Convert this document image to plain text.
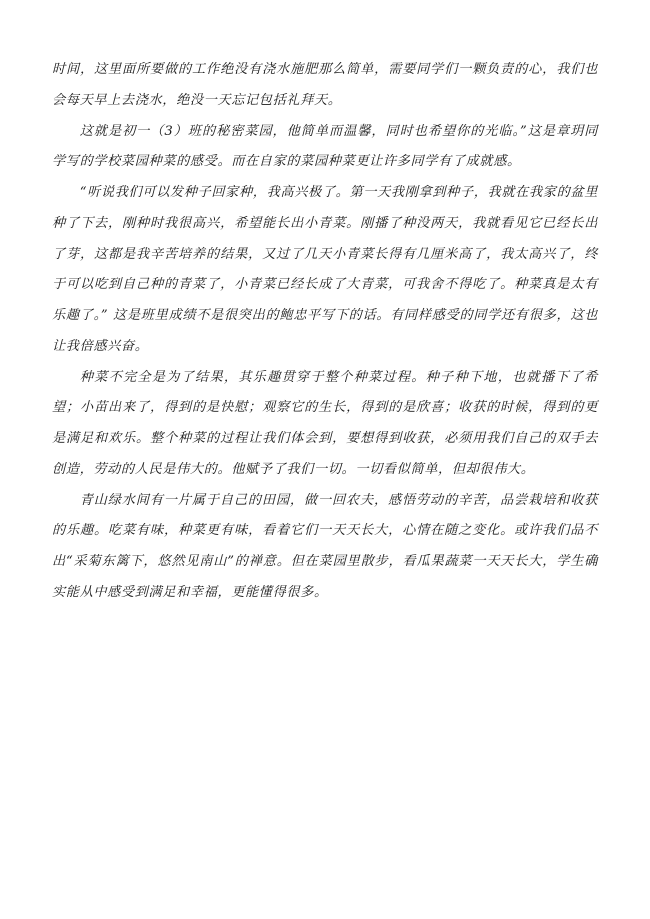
时间，这里面所要做的工作绝没有浇水施肥那么简单，需要同学们一颗负责的心，我们也会每天早上去浇水，绝没一天忘记包括礼拜天。

这就是初一（3）班的秘密菜园，他简单而温馨，同时也希望你的光临。”这是章玥同学写的学校菜园种菜的感受。而在自家的菜园种菜更让许多同学有了成就感。

“听说我们可以发种子回家种，我高兴极了。第一天我刚拿到种子，我就在我家的盆里种了下去，刚种时我很高兴，希望能长出小青菜。刚播了种没两天，我就看见它已经长出了芽，这都是我辛苦培养的结果，又过了几天小青菜长得有几厘米高了，我太高兴了，终于可以吃到自己种的青菜了，小青菜已经长成了大青菜，可我舍不得吃了。种菜真是太有乐趣了。” 这是班里成绩不是很突出的鲍忠平写下的话。有同样感受的同学还有很多，这也让我倍感兴奋。

种菜不完全是为了结果，其乐趣贯穿于整个种菜过程。种子种下地，也就播下了希望；小苗出来了，得到的是快慰；观察它的生长，得到的是欣喜；收获的时候，得到的更是满足和欢乐。整个种菜的过程让我们体会到，要想得到收获，必须用我们自己的双手去创造，劳动的人民是伟大的。他赋予了我们一切。一切看似简单，但却很伟大。

青山绿水间有一片属于自己的田园，做一回农夫，感悟劳动的辛苦，品尝栽培和收获的乐趣。吃菜有味，种菜更有味，看着它们一天天长大，心情在随之变化。或许我们品不出“采菊东篱下，悠然见南山”的禅意。但在菜园里散步，看瓜果蔬菜一天天长大，学生确实能从中感受到满足和幸福，更能懂得很多。
